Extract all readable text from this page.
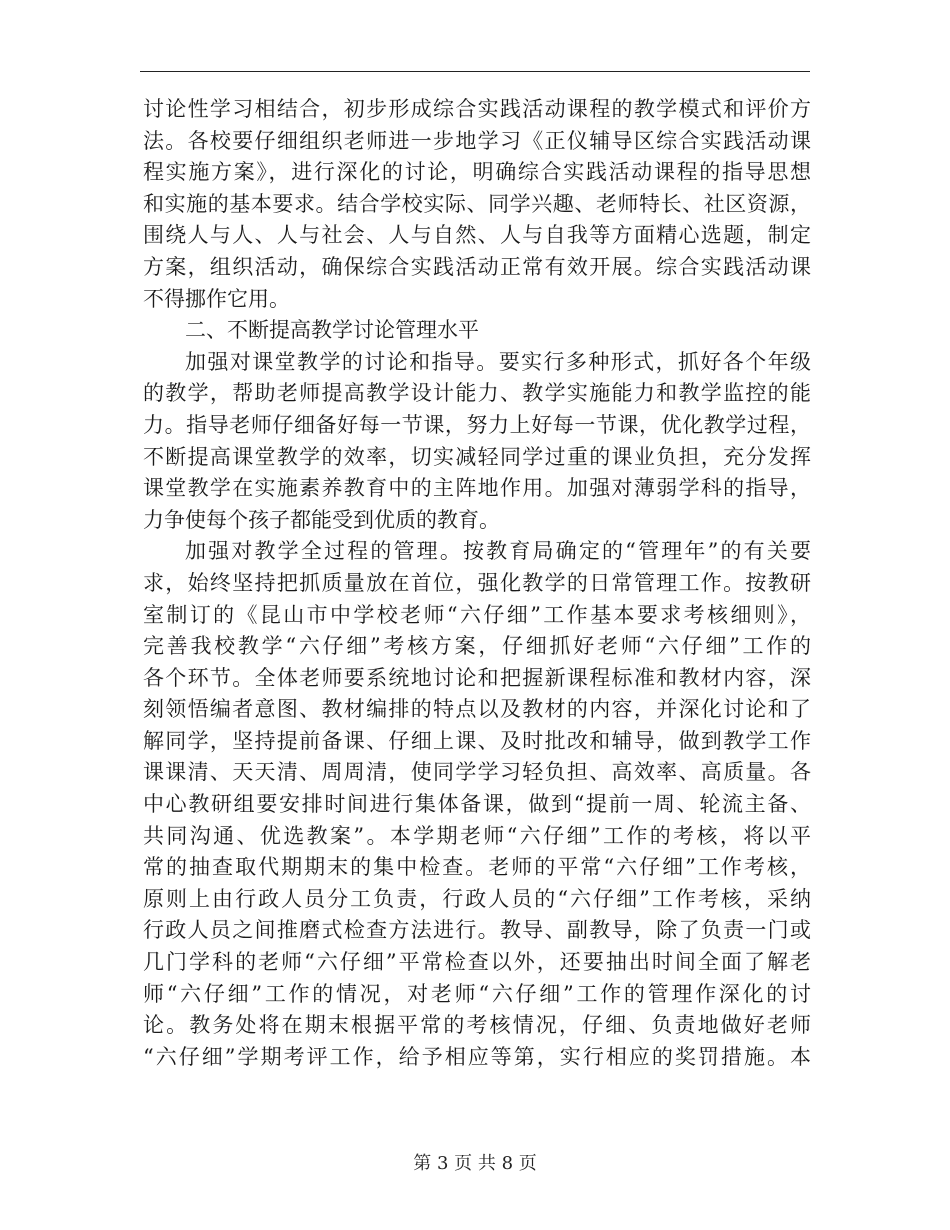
讨论性学习相结合，初步形成综合实践活动课程的教学模式和评价方
法。各校要仔细组织老师进一步地学习《正仪辅导区综合实践活动课
程实施方案》，进行深化的讨论，明确综合实践活动课程的指导思想
和实施的基本要求。结合学校实际、同学兴趣、老师特长、社区资源，
围绕人与人、人与社会、人与自然、人与自我等方面精心选题，制定
方案，组织活动，确保综合实践活动正常有效开展。综合实践活动课
不得挪作它用。
二、不断提高教学讨论管理水平
加强对课堂教学的讨论和指导。要实行多种形式，抓好各个年级
的教学，帮助老师提高教学设计能力、教学实施能力和教学监控的能
力。指导老师仔细备好每一节课，努力上好每一节课，优化教学过程，
不断提高课堂教学的效率，切实减轻同学过重的课业负担，充分发挥
课堂教学在实施素养教育中的主阵地作用。加强对薄弱学科的指导，
力争使每个孩子都能受到优质的教育。
加强对教学全过程的管理。按教育局确定的“管理年”的有关要
求，始终坚持把抓质量放在首位，强化教学的日常管理工作。按教研
室制订的《昆山市中学校老师“六仔细”工作基本要求考核细则》，
完善我校教学“六仔细”考核方案，仔细抓好老师“六仔细”工作的
各个环节。全体老师要系统地讨论和把握新课程标准和教材内容，深
刻领悟编者意图、教材编排的特点以及教材的内容，并深化讨论和了
解同学，坚持提前备课、仔细上课、及时批改和辅导，做到教学工作
课课清、天天清、周周清，使同学学习轻负担、高效率、高质量。各
中心教研组要安排时间进行集体备课，做到“提前一周、轮流主备、
共同沟通、优选教案”。本学期老师“六仔细”工作的考核，将以平
常的抽查取代期期末的集中检查。老师的平常“六仔细”工作考核，
原则上由行政人员分工负责，行政人员的“六仔细”工作考核，采纳
行政人员之间推磨式检查方法进行。教导、副教导，除了负责一门或
几门学科的老师“六仔细”平常检查以外，还要抽出时间全面了解老
师“六仔细”工作的情况，对老师“六仔细”工作的管理作深化的讨
论。教务处将在期末根据平常的考核情况，仔细、负责地做好老师
“六仔细”学期考评工作，给予相应等第，实行相应的奖罚措施。本
第 3 页 共 8 页
